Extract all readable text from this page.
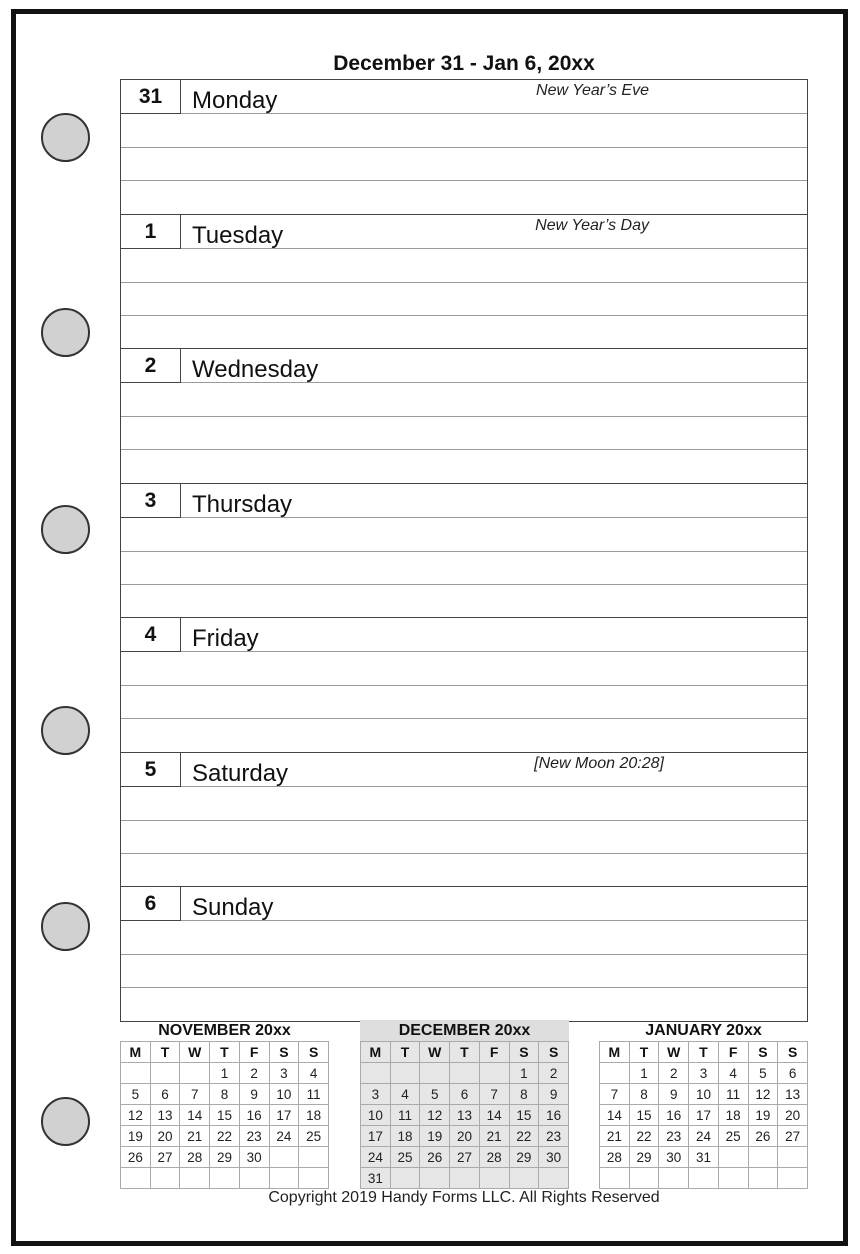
December 31 - Jan 6, 20xx
31	Monday	New Year’s Eve
1	Tuesday	New Year’s Day
2	Wednesday
3	Thursday
4	Friday
5	Saturday	[New Moon 20:28]
6	Sunday
NOVEMBER 20xx
M	T	W	T	F	S	S
			1	2	3	4
5	6	7	8	9	10	11
12	13	14	15	16	17	18
19	20	21	22	23	24	25
26	27	28	29	30		

DECEMBER 20xx
M	T	W	T	F	S	S
					1	2
3	4	5	6	7	8	9
10	11	12	13	14	15	16
17	18	19	20	21	22	23
24	25	26	27	28	29	30
31						
JANUARY 20xx
M	T	W	T	F	S	S
	1	2	3	4	5	6
7	8	9	10	11	12	13
14	15	16	17	18	19	20
21	22	23	24	25	26	27
28	29	30	31			

Copyright 2019 Handy Forms LLC. All Rights Reserved
